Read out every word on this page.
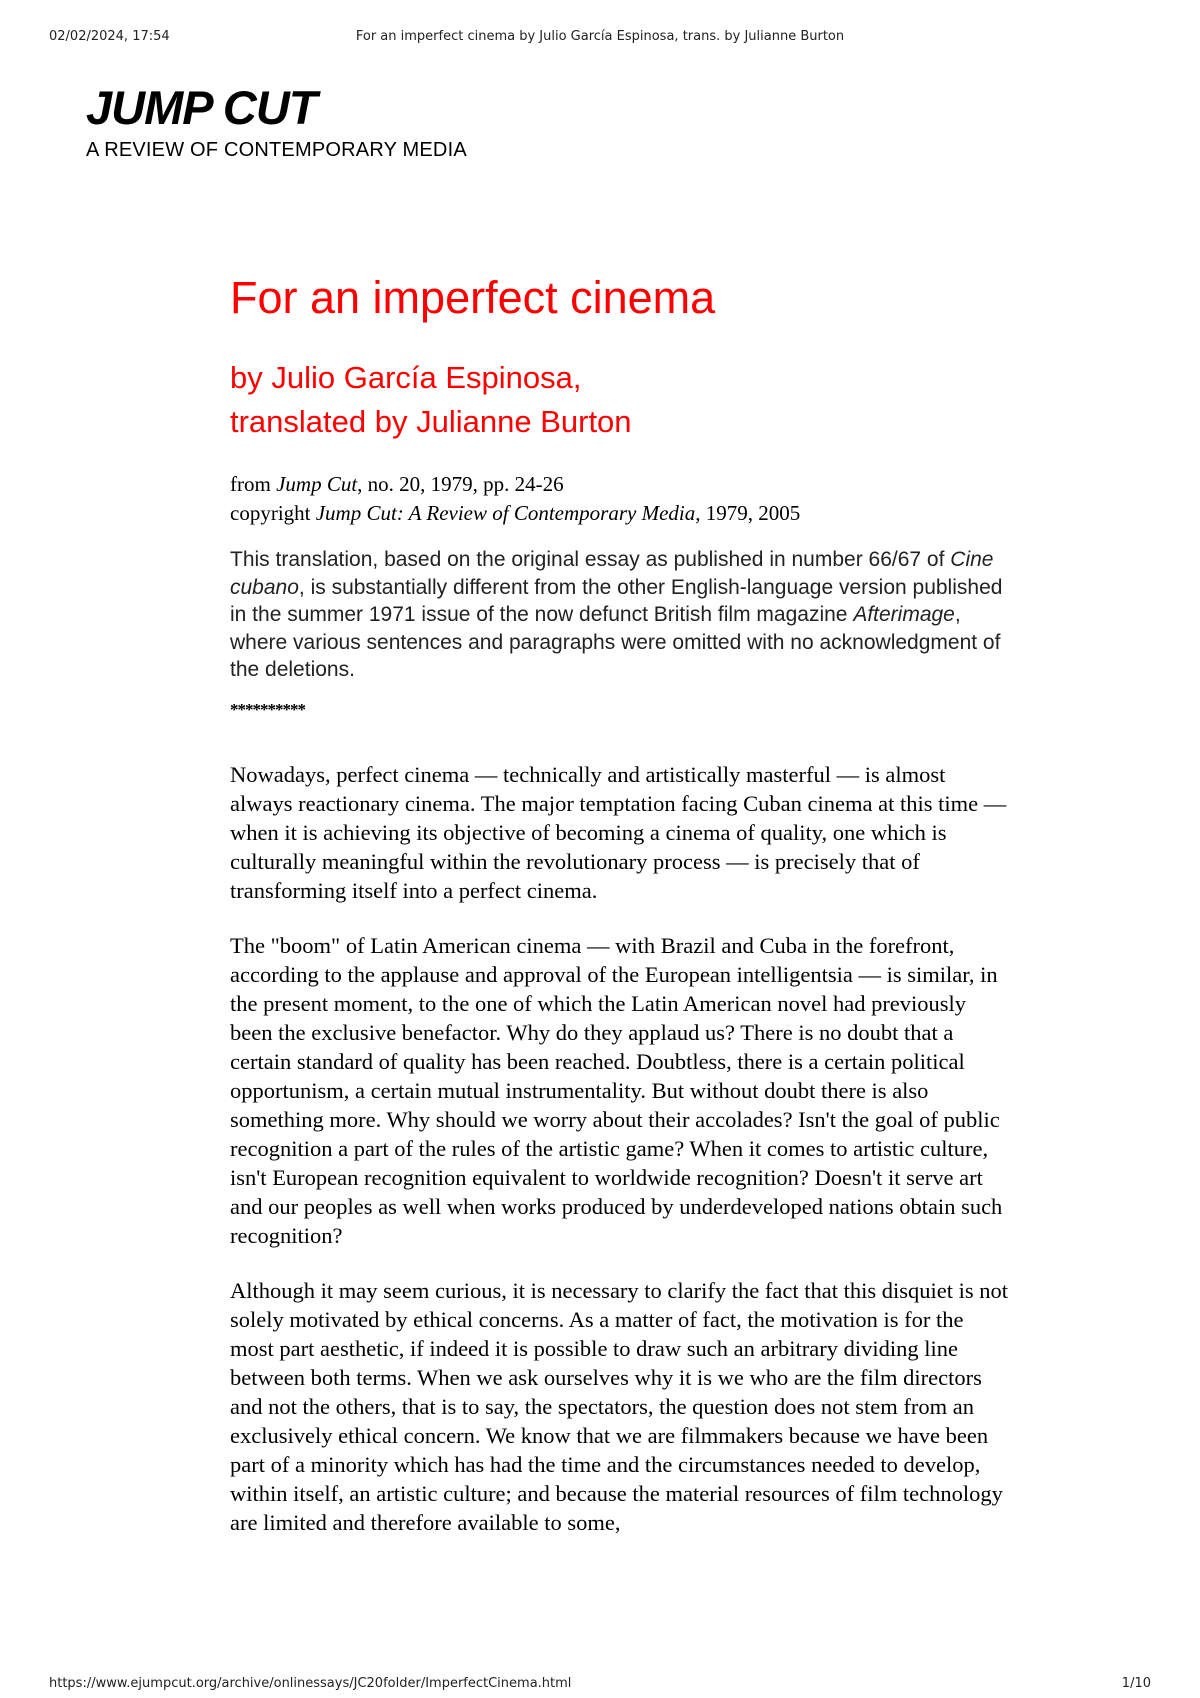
02/02/2024, 17:54	For an imperfect cinema by Julio García Espinosa, trans. by Julianne Burton
JUMP CUT
A REVIEW OF CONTEMPORARY MEDIA
For an imperfect cinema
by Julio García Espinosa,
translated by Julianne Burton
from Jump Cut, no. 20, 1979, pp. 24-26
copyright Jump Cut: A Review of Contemporary Media, 1979, 2005
This translation, based on the original essay as published in number 66/67 of Cine cubano, is substantially different from the other English-language version published in the summer 1971 issue of the now defunct British film magazine Afterimage, where various sentences and paragraphs were omitted with no acknowledgment of the deletions.
**********
Nowadays, perfect cinema — technically and artistically masterful — is almost always reactionary cinema. The major temptation facing Cuban cinema at this time — when it is achieving its objective of becoming a cinema of quality, one which is culturally meaningful within the revolutionary process — is precisely that of transforming itself into a perfect cinema.
The "boom" of Latin American cinema — with Brazil and Cuba in the forefront, according to the applause and approval of the European intelligentsia — is similar, in the present moment, to the one of which the Latin American novel had previously been the exclusive benefactor. Why do they applaud us? There is no doubt that a certain standard of quality has been reached. Doubtless, there is a certain political opportunism, a certain mutual instrumentality. But without doubt there is also something more. Why should we worry about their accolades? Isn't the goal of public recognition a part of the rules of the artistic game? When it comes to artistic culture, isn't European recognition equivalent to worldwide recognition? Doesn't it serve art and our peoples as well when works produced by underdeveloped nations obtain such recognition?
Although it may seem curious, it is necessary to clarify the fact that this disquiet is not solely motivated by ethical concerns. As a matter of fact, the motivation is for the most part aesthetic, if indeed it is possible to draw such an arbitrary dividing line between both terms. When we ask ourselves why it is we who are the film directors and not the others, that is to say, the spectators, the question does not stem from an exclusively ethical concern. We know that we are filmmakers because we have been part of a minority which has had the time and the circumstances needed to develop, within itself, an artistic culture; and because the material resources of film technology are limited and therefore available to some,
https://www.ejumpcut.org/archive/onlinessays/JC20folder/ImperfectCinema.html	1/10
